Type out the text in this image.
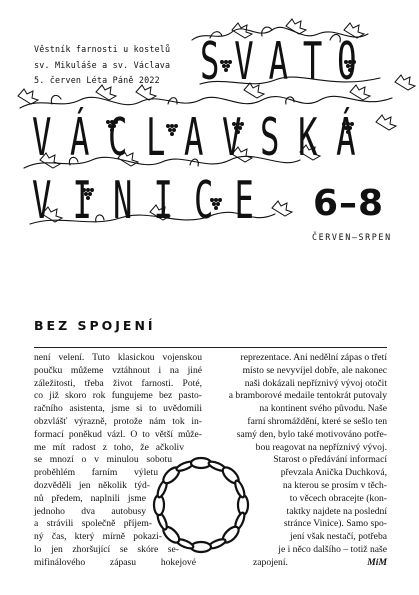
Věstník farnosti u kostelů
sv. Mikuláše a sv. Václava
5. červen Léta Páně 2022 SVATO
VÁCLAVSKÁ
VINICE 6–8
ČERVEN–SRPEN
BEZ SPOJENÍ
není velení. Tuto klasickou vojenskou
poučku můžeme vztáhnout i na jiné
záležitosti, třeba život farnosti. Poté,
co již skoro rok fungujeme bez pasto-
račního asistenta, jsme si to uvědomili
obzvlášť výrazně, protože nám tok in-
formací poněkud vázl. O to větší může-
me mít radost z toho, že ačkoliv
se mnozí o v minulou sobotu
proběhlém farním výletu
dozvěděli jen několik týd-
nů předem, naplnili jsme
jednoho dva autobusy
a strávili společně příjem-
ný čas, který mírně pokazi-
lo jen zhoršující se skóre se-
mifinálového zápasu hokejové
reprezentace. Ani nedělní zápas o třetí
místo se nevyvíjel dobře, ale nakonec
naši dokázali nepříznivý vývoj otočit
a bramborové medaile tentokrát putovaly
na kontinent svého původu. Naše
farní shromáždění, které se sešlo ten
samý den, bylo také motivováno potře-
bou reagovat na nepříznivý vývoj.
Starost o předávání informací
převzala Anička Duchková,
na kterou se prosím v těch-
to věcech obracejte (kon-
taktky najdete na poslední
stránce Vinice). Samo spo-
jení však nestačí, potřeba
je i něco dalšího – totiž naše
zapojení.	MiM
